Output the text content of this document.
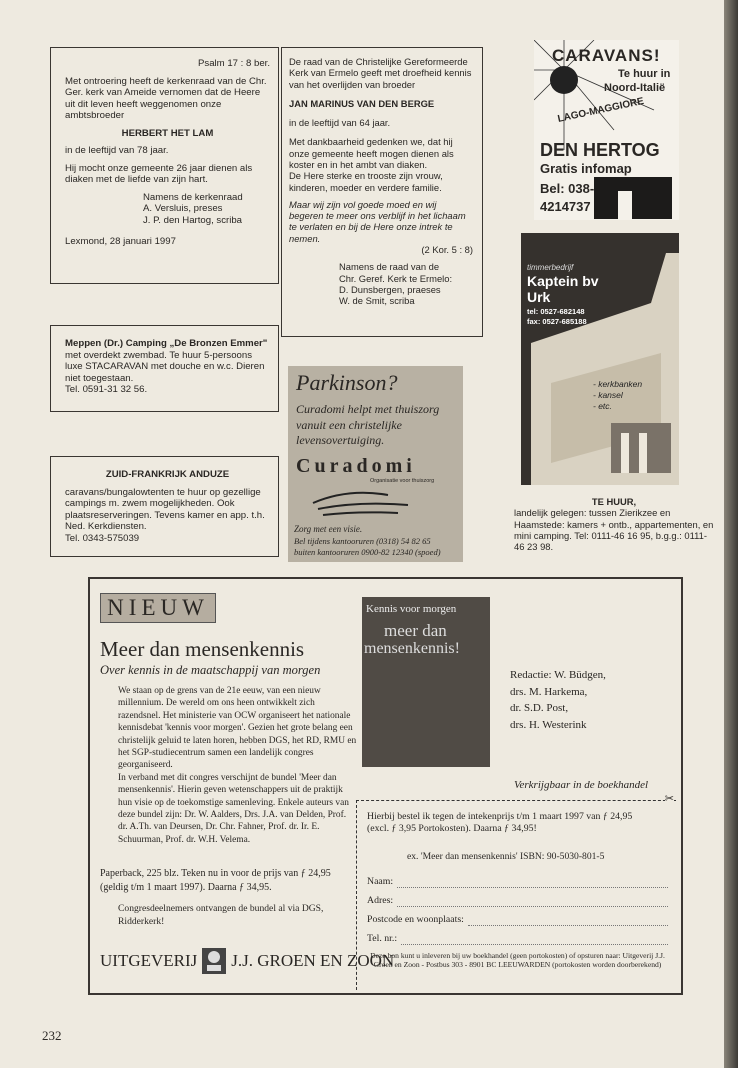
Psalm 17 : 8 ber.
Met ontroering heeft de kerkenraad van de Chr. Ger. kerk van Ameide vernomen dat de Heere uit dit leven heeft weggenomen onze ambtsbroeder
HERBERT HET LAM
in de leeftijd van 78 jaar.
Hij mocht onze gemeente 26 jaar dienen als diaken met de liefde van zijn hart.
Namens de kerkenraad
A. Versluis, preses
J. P. den Hartog, scriba
Lexmond, 28 januari 1997
De raad van de Christelijke Gereformeerde Kerk van Ermelo geeft met droefheid kennis van het overlijden van broeder
JAN MARINUS VAN DEN BERGE
in de leeftijd van 64 jaar.
Met dankbaarheid gedenken we, dat hij onze gemeente heeft mogen dienen als koster en in het ambt van diaken.
De Here sterke en trooste zijn vrouw, kinderen, moeder en verdere familie.
Maar wij zijn vol goede moed en wij begeren te meer ons verblijf in het lichaam te verlaten en bij de Here onze intrek te nemen.
(2 Kor. 5 : 8)
Namens de raad van de
Chr. Geref. Kerk te Ermelo:
D. Dunsbergen, praeses
W. de Smit, scriba
CARAVANS!
Te huur in
Noord-Italië
LAGO-MAGGIORE
DEN HERTOG
Gratis infomap
Bel: 038-
4214737
timmerbedrijf
Kaptein bv
Urk
tel: 0527-682148
fax: 0527-685188
- kerkbanken
- kansel
- etc.
TE HUUR,
landelijk gelegen: tussen Zierikzee en Haamstede: kamers + ontb., appartementen, en mini camping. Tel: 0111-46 16 95, b.g.g.: 0111-46 23 98.
Meppen (Dr.) Camping „De Bronzen Emmer" met overdekt zwembad. Te huur 5-persoons luxe STACARAVAN met douche en w.c. Dieren niet toegestaan.
Tel. 0591-31 32 56.	Parkinson?
Curadomi helpt met thuiszorg vanuit een christelijke levensovertuiging.
Curadomi
Organisatie voor thuiszorg
Zorg met een visie.
Bel tijdens kantooruren (0318) 54 82 65
buiten kantooruren 0900-82 12340 (spoed)
ZUID-FRANKRIJK ANDUZE
caravans/bungalowtenten te huur op gezellige campings m. zwem mogelijkheden. Ook plaatsreserveringen. Tevens kamer en app. t.h.
Ned. Kerkdiensten.
Tel. 0343-575039
NIEUW
Meer dan mensenkennis
Over kennis in de maatschappij van morgen
We staan op de grens van de 21e eeuw, van een nieuw millennium. De wereld om ons heen ontwikkelt zich razendsnel. Het ministerie van OCW organiseert het nationale kennisdebat 'kennis voor morgen'. Gezien het grote belang een christelijk geluid te laten horen, hebben DGS, het RD, RMU en het SGP-studiecentrum samen een landelijk congres georganiseerd.
In verband met dit congres verschijnt de bundel 'Meer dan mensenkennis'. Hierin geven wetenschappers uit de praktijk hun visie op de toekomstige samenleving. Enkele auteurs van deze bundel zijn: Dr. W. Aalders, Drs. J.A. van Delden, Prof. dr. A.Th. van Deursen, Dr. Chr. Fahner, Prof. dr. Ir. E. Schuurman, Prof. dr. W.H. Velema.
Paperback, 225 blz. Teken nu in voor de prijs van ƒ 24,95
(geldig t/m 1 maart 1997). Daarna ƒ 34,95.
Congresdeelnemers ontvangen de bundel al via DGS, Ridderkerk!
UITGEVERIJ J.J. GROEN EN ZOON
Kennis voor morgen
meer dan
mensenkennis!
Redactie: W. Büdgen,
drs. M. Harkema,
dr. S.D. Post,
drs. H. Westerink
Verkrijgbaar in de boekhandel
✂
Hierbij bestel ik tegen de intekenprijs t/m 1 maart 1997 van ƒ 24,95
(excl. ƒ 3,95 Portokosten). Daarna ƒ 34,95!
ex. 'Meer dan mensenkennis' ISBN: 90-5030-801-5
Naam:
Adres:
Postcode en woonplaats:
Tel. nr.:
Deze bon kunt u inleveren bij uw boekhandel (geen portokosten) of opsturen naar: Uitgeverij J.J. Groen en Zoon - Postbus 303 - 8901 BC LEEUWARDEN (portokosten worden doorberekend)
232
